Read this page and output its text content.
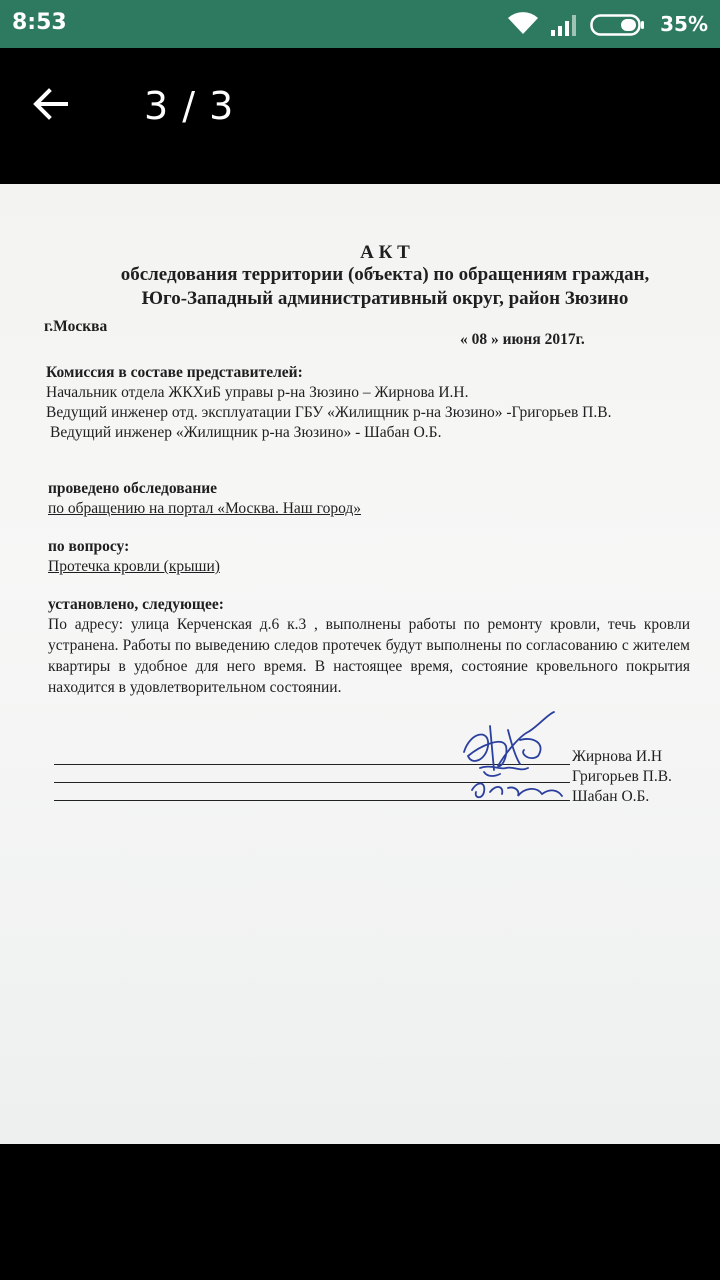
8:53	35%
3 / 3
А К Т
обследования территории (объекта) по обращениям граждан,
Юго-Западный административный округ, район Зюзино
г.Москва
« 08 » июня 2017г.
Комиссия в составе представителей:
Начальник отдела ЖКХиБ управы р-на Зюзино – Жирнова И.Н.
Ведущий инженер отд. эксплуатации ГБУ «Жилищник р-на Зюзино» -Григорьев П.В.
Ведущий инженер «Жилищник р-на Зюзино» - Шабан О.Б.
проведено обследование
по обращению на портал «Москва. Наш город»
по вопросу:
Протечка кровли (крыши)
установлено, следующее:
По адресу: улица Керченская д.6 к.3 , выполнены работы по ремонту кровли, течь кровли устранена. Работы по выведению следов протечек будут выполнены по согласованию с жителем квартиры в удобное для него время. В настоящее время, состояние кровельного покрытия находится в удовлетворительном состоянии.
Жирнова И.Н
Григорьев П.В.
Шабан О.Б.
